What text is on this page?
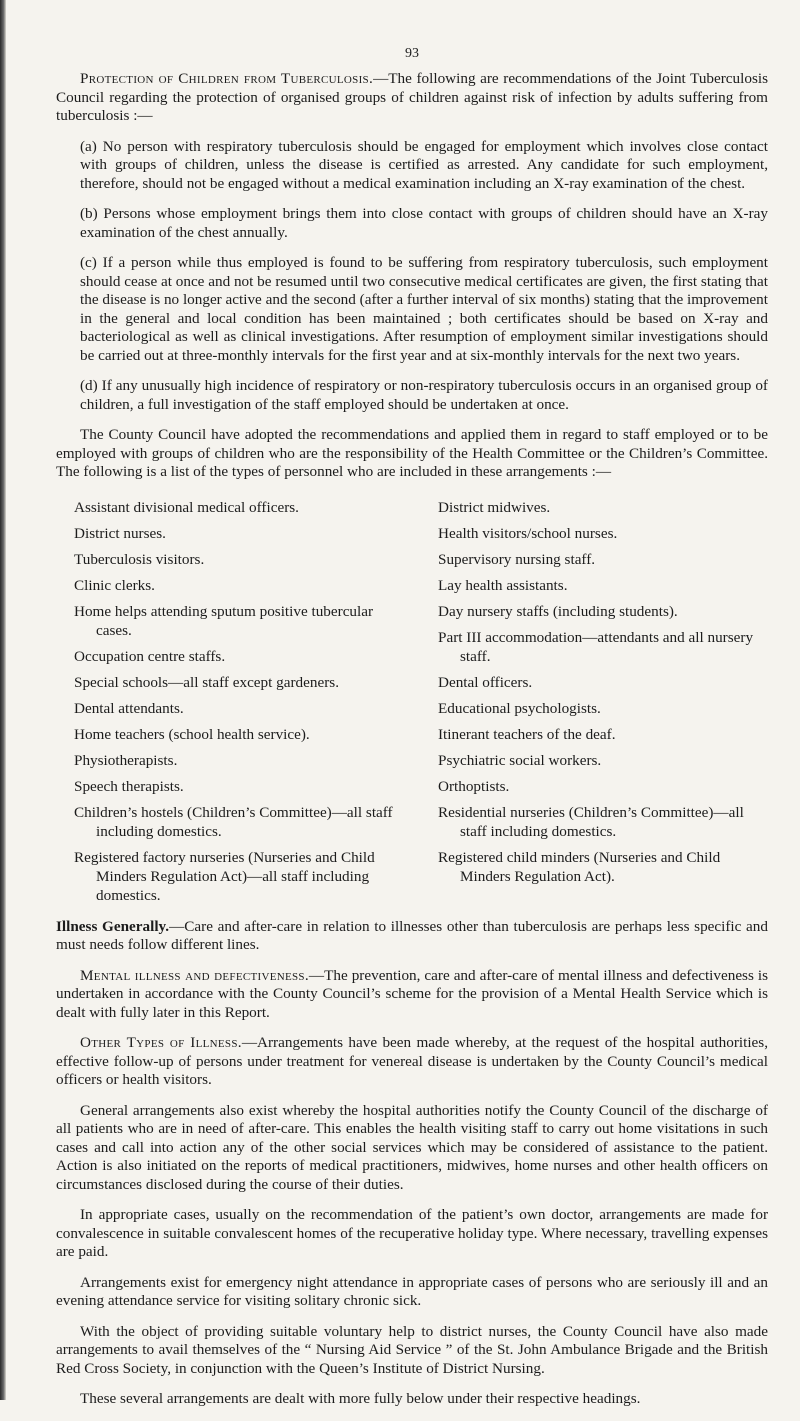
93

Protection of Children from Tuberculosis.—The following are recommendations of the Joint Tuberculosis Council regarding the protection of organised groups of children against risk of infection by adults suffering from tuberculosis :—

(a) No person with respiratory tuberculosis should be engaged for employment which involves close contact with groups of children, unless the disease is certified as arrested. Any candidate for such employment, therefore, should not be engaged without a medical examination including an X-ray examination of the chest.

(b) Persons whose employment brings them into close contact with groups of children should have an X-ray examination of the chest annually.

(c) If a person while thus employed is found to be suffering from respiratory tuberculosis, such employment should cease at once and not be resumed until two consecutive medical certificates are given, the first stating that the disease is no longer active and the second (after a further interval of six months) stating that the improvement in the general and local condition has been maintained ; both certificates should be based on X-ray and bacteriological as well as clinical investigations. After resumption of employment similar investigations should be carried out at three-monthly intervals for the first year and at six-monthly intervals for the next two years.

(d) If any unusually high incidence of respiratory or non-respiratory tuberculosis occurs in an organised group of children, a full investigation of the staff employed should be undertaken at once.

The County Council have adopted the recommendations and applied them in regard to staff employed or to be employed with groups of children who are the responsibility of the Health Committee or the Children’s Committee. The following is a list of the types of personnel who are included in these arrangements :—

Assistant divisional medical officers.
District nurses.
Tuberculosis visitors.
Clinic clerks.
Home helps attending sputum positive tubercular cases.
Occupation centre staffs.
Special schools—all staff except gardeners.
Dental attendants.
Home teachers (school health service).
Physiotherapists.
Speech therapists.
Children’s hostels (Children’s Committee)—all staff including domestics.
Registered factory nurseries (Nurseries and Child Minders Regulation Act)—all staff including domestics.
District midwives.
Health visitors/school nurses.
Supervisory nursing staff.
Lay health assistants.
Day nursery staffs (including students).
Part III accommodation—attendants and all nursery staff.
Dental officers.
Educational psychologists.
Itinerant teachers of the deaf.
Psychiatric social workers.
Orthoptists.
Residential nurseries (Children’s Committee)—all staff including domestics.
Registered child minders (Nurseries and Child Minders Regulation Act).

Illness Generally.—Care and after-care in relation to illnesses other than tuberculosis are perhaps less specific and must needs follow different lines.

Mental illness and defectiveness.—The prevention, care and after-care of mental illness and defectiveness is undertaken in accordance with the County Council’s scheme for the provision of a Mental Health Service which is dealt with fully later in this Report.

Other Types of Illness.—Arrangements have been made whereby, at the request of the hospital authorities, effective follow-up of persons under treatment for venereal disease is undertaken by the County Council’s medical officers or health visitors.

General arrangements also exist whereby the hospital authorities notify the County Council of the discharge of all patients who are in need of after-care. This enables the health visiting staff to carry out home visitations in such cases and call into action any of the other social services which may be considered of assistance to the patient. Action is also initiated on the reports of medical practitioners, midwives, home nurses and other health officers on circumstances disclosed during the course of their duties.

In appropriate cases, usually on the recommendation of the patient’s own doctor, arrangements are made for convalescence in suitable convalescent homes of the recuperative holiday type. Where necessary, travelling expenses are paid.

Arrangements exist for emergency night attendance in appropriate cases of persons who are seriously ill and an evening attendance service for visiting solitary chronic sick.

With the object of providing suitable voluntary help to district nurses, the County Council have also made arrangements to avail themselves of the “ Nursing Aid Service ” of the St. John Ambulance Brigade and the British Red Cross Society, in conjunction with the Queen’s Institute of District Nursing.

These several arrangements are dealt with more fully below under their respective headings.
